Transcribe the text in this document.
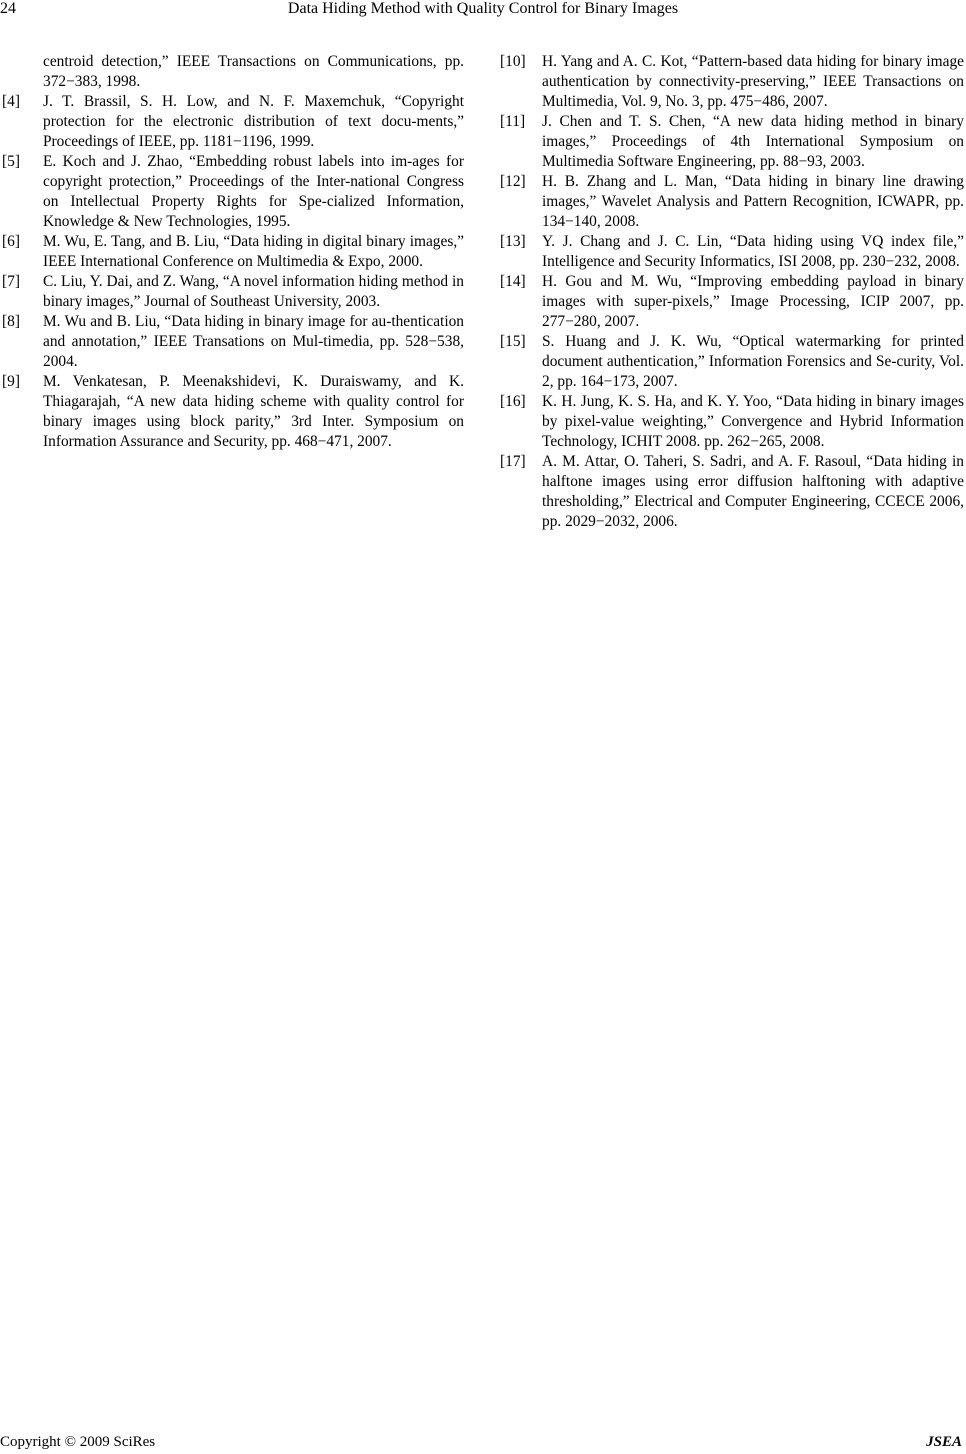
24	Data Hiding Method with Quality Control for Binary Images
centroid detection,” IEEE Transactions on Communications, pp. 372−383, 1998.
[4] J. T. Brassil, S. H. Low, and N. F. Maxemchuk, “Copyright protection for the electronic distribution of text docu-ments,” Proceedings of IEEE, pp. 1181−1196, 1999.
[5] E. Koch and J. Zhao, “Embedding robust labels into im-ages for copyright protection,” Proceedings of the Inter-national Congress on Intellectual Property Rights for Spe-cialized Information, Knowledge & New Technologies, 1995.
[6] M. Wu, E. Tang, and B. Liu, “Data hiding in digital binary images,” IEEE International Conference on Multimedia & Expo, 2000.
[7] C. Liu, Y. Dai, and Z. Wang, “A novel information hiding method in binary images,” Journal of Southeast University, 2003.
[8] M. Wu and B. Liu, “Data hiding in binary image for au-thentication and annotation,” IEEE Transations on Mul-timedia, pp. 528−538, 2004.
[9] M. Venkatesan, P. Meenakshidevi, K. Duraiswamy, and K. Thiagarajah, “A new data hiding scheme with quality control for binary images using block parity,” 3rd Inter. Symposium on Information Assurance and Security, pp. 468−471, 2007.
[10] H. Yang and A. C. Kot, “Pattern-based data hiding for binary image authentication by connectivity-preserving,” IEEE Transactions on Multimedia, Vol. 9, No. 3, pp. 475−486, 2007.
[11] J. Chen and T. S. Chen, “A new data hiding method in binary images,” Proceedings of 4th International Symposium on Multimedia Software Engineering, pp. 88−93, 2003.
[12] H. B. Zhang and L. Man, “Data hiding in binary line drawing images,” Wavelet Analysis and Pattern Recognition, ICWAPR, pp. 134−140, 2008.
[13] Y. J. Chang and J. C. Lin, “Data hiding using VQ index file,” Intelligence and Security Informatics, ISI 2008, pp. 230−232, 2008.
[14] H. Gou and M. Wu, “Improving embedding payload in binary images with super-pixels,” Image Processing, ICIP 2007, pp. 277−280, 2007.
[15] S. Huang and J. K. Wu, “Optical watermarking for printed document authentication,” Information Forensics and Se-curity, Vol. 2, pp. 164−173, 2007.
[16] K. H. Jung, K. S. Ha, and K. Y. Yoo, “Data hiding in binary images by pixel-value weighting,” Convergence and Hybrid Information Technology, ICHIT 2008. pp. 262−265, 2008.
[17] A. M. Attar, O. Taheri, S. Sadri, and A. F. Rasoul, “Data hiding in halftone images using error diffusion halftoning with adaptive thresholding,” Electrical and Computer Engineering, CCECE 2006, pp. 2029−2032, 2006.
Copyright © 2009 SciRes	JSEA
